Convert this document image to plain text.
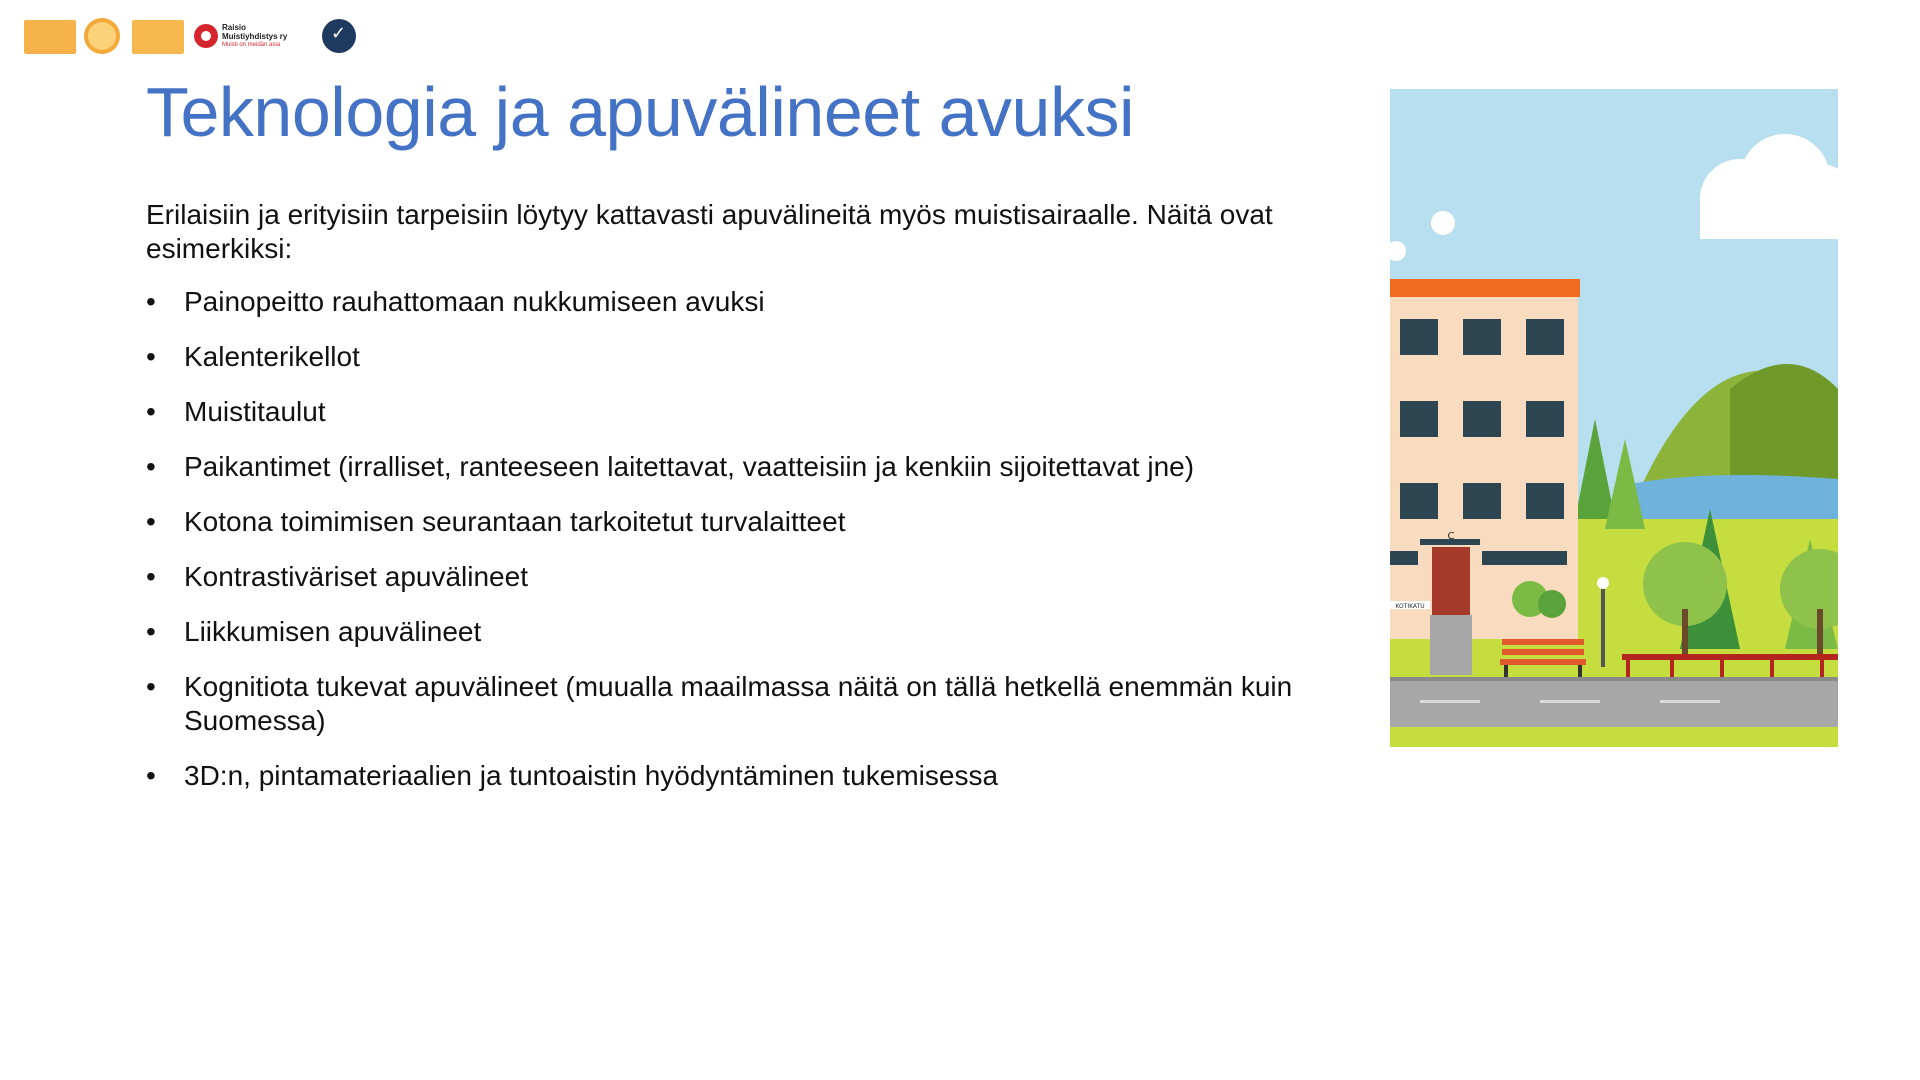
Raisio
Muistiyhdistys ry
Muisti on meidän asia
✓
Teknologia ja apuvälineet avuksi

Erilaisiin ja erityisiin tarpeisiin löytyy kattavasti apuvälineitä myös muistisairaalle. Näitä ovat esimerkiksi:

• Painopeitto rauhattomaan nukkumiseen avuksi
• Kalenterikellot
• Muistitaulut
• Paikantimet (irralliset, ranteeseen laitettavat, vaatteisiin ja kenkiin sijoitettavat jne)
• Kotona toimimisen seurantaan tarkoitetut turvalaitteet
• Kontrastiväriset apuvälineet
• Liikkumisen apuvälineet
• Kognitiota tukevat apuvälineet (muualla maailmassa näitä on tällä hetkellä enemmän kuin Suomessa)
• 3D:n, pintamateriaalien ja tuntoaistin hyödyntäminen tukemisessa
C
KOTIKATU
